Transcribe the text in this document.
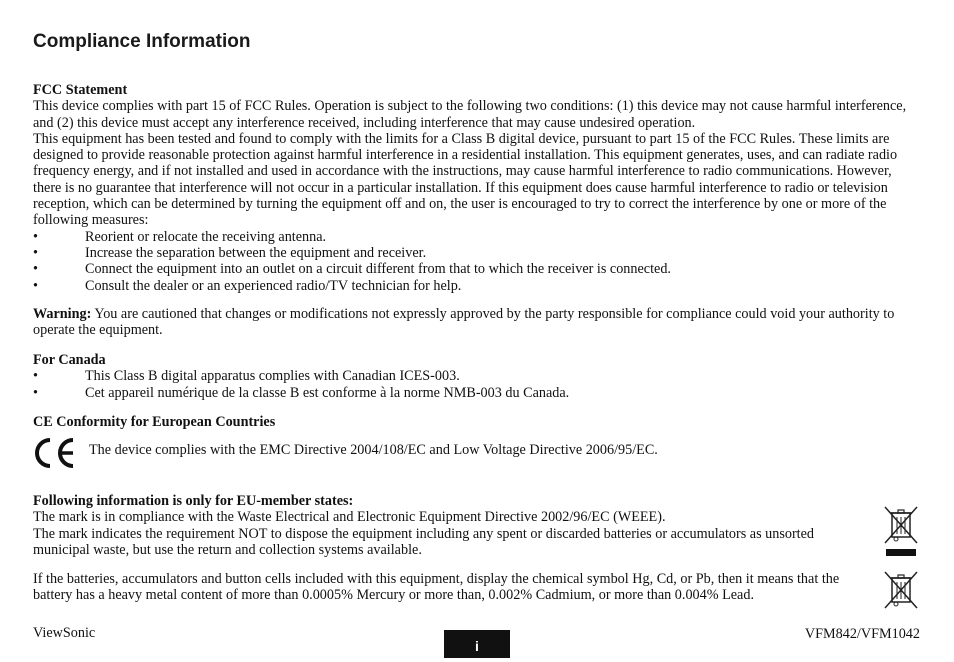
Compliance Information
FCC Statement

This device complies with part 15 of FCC Rules. Operation is subject to the following two conditions: (1) this device may not cause harmful interference, and (2) this device must accept any interference received, including interference that may cause undesired operation.

This equipment has been tested and found to comply with the limits for a Class B digital device, pursuant to part 15 of the FCC Rules. These limits are designed to provide reasonable protection against harmful interference in a residential installation. This equipment generates, uses, and can radiate radio frequency energy, and if not installed and used in accordance with the instructions, may cause harmful interference to radio communications. However, there is no guarantee that interference will not occur in a particular installation. If this equipment does cause harmful interference to radio or television reception, which can be determined by turning the equipment off and on, the user is encouraged to try to correct the interference by one or more of the following measures:

•	Reorient or relocate the receiving antenna.
•	Increase the separation between the equipment and receiver.
•	Connect the equipment into an outlet on a circuit different from that to which the receiver is connected.
•	Consult the dealer or an experienced radio/TV technician for help.
Warning: You are cautioned that changes or modifications not expressly approved by the party responsible for compliance could void your authority to operate the equipment.
For Canada
•	This Class B digital apparatus complies with Canadian ICES-003.
•	Cet appareil numérique de la classe B est conforme à la norme NMB-003 du Canada.
CE Conformity for European Countries
The device complies with the EMC Directive 2004/108/EC and Low Voltage Directive 2006/95/EC.
Following information is only for EU-member states:

The mark is in compliance with the Waste Electrical and Electronic Equipment Directive 2002/96/EC (WEEE).

The mark indicates the requirement NOT to dispose the equipment including any spent or discarded batteries or accumulators as unsorted municipal waste, but use the return and collection systems available.

If the batteries, accumulators and button cells included with this equipment, display the chemical symbol Hg, Cd, or Pb, then it means that the battery has a heavy metal content of more than 0.0005% Mercury or more than, 0.002% Cadmium, or more than 0.004% Lead.
ViewSonic
i
VFM842/VFM1042
